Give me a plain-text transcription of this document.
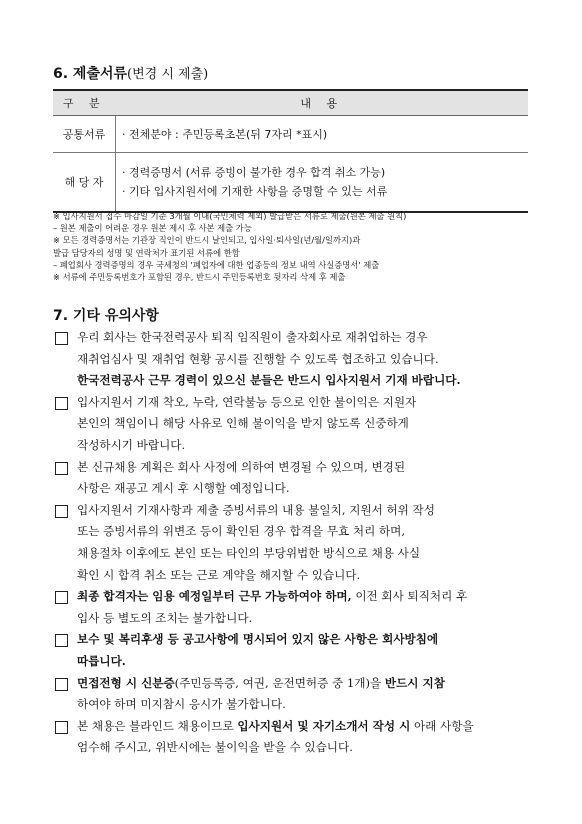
6. 제출서류(변경 시 제출)
구 분	내 용
공통서류	· 전체분야 : 주민등록초본(뒤 7자리 *표시)

해 당 자	· 경력증명서 (서류 증빙이 불가한 경우 합격 취소 가능)
· 기타 입사지원서에 기재한 사항을 증명할 수 있는 서류
※ 입사지원서 접수 마감일 기준 3개월 이내(국민체력 제외) 발급받은 서류로 제출(원본 제출 원칙)
– 원본 제출이 어려운 경우 원본 제시 후 사본 제출 가능
※ 모든 경력증명서는 기관장 직인이 반드시 날인되고, 입사일·퇴사일(년/월/일까지)과
발급 담당자의 성명 및 연락처가 표기된 서류에 한함
– 폐업회사 경력증명의 경우 국세청의 '폐업자에 대한 업종등의 정보 내역 사실증명서' 제출
※ 서류에 주민등록번호가 포함된 경우, 반드시 주민등록번호 뒷자리 삭제 후 제출
7. 기타 유의사항
우리 회사는 한국전력공사 퇴직 임직원이 출자회사로 재취업하는 경우
재취업심사 및 재취업 현황 공시를 진행할 수 있도록 협조하고 있습니다.
한국전력공사 근무 경력이 있으신 분들은 반드시 입사지원서 기재 바랍니다.
입사지원서 기재 착오, 누락, 연락불능 등으로 인한 불이익은 지원자
본인의 책임이니 해당 사유로 인해 불이익을 받지 않도록 신중하게
작성하시기 바랍니다.
본 신규채용 계획은 회사 사정에 의하여 변경될 수 있으며, 변경된
사항은 재공고 게시 후 시행할 예정입니다.
입사지원서 기재사항과 제출 증빙서류의 내용 불일치, 지원서 허위 작성
또는 증빙서류의 위변조 등이 확인된 경우 합격을 무효 처리 하며,
채용절차 이후에도 본인 또는 타인의 부당위법한 방식으로 채용 사실
확인 시 합격 취소 또는 근로 계약을 해지할 수 있습니다.
최종 합격자는 임용 예정일부터 근무 가능하여야 하며, 이전 회사 퇴직처리 후
입사 등 별도의 조치는 불가합니다.
보수 및 복리후생 등 공고사항에 명시되어 있지 않은 사항은 회사방침에
따릅니다.
면접전형 시 신분증(주민등록증, 여권, 운전면허증 중 1개)을 반드시 지참
하여야 하며 미지참시 응시가 불가합니다.
본 채용은 블라인드 채용이므로 입사지원서 및 자기소개서 작성 시 아래 사항을
엄수해 주시고, 위반시에는 불이익을 받을 수 있습니다.
